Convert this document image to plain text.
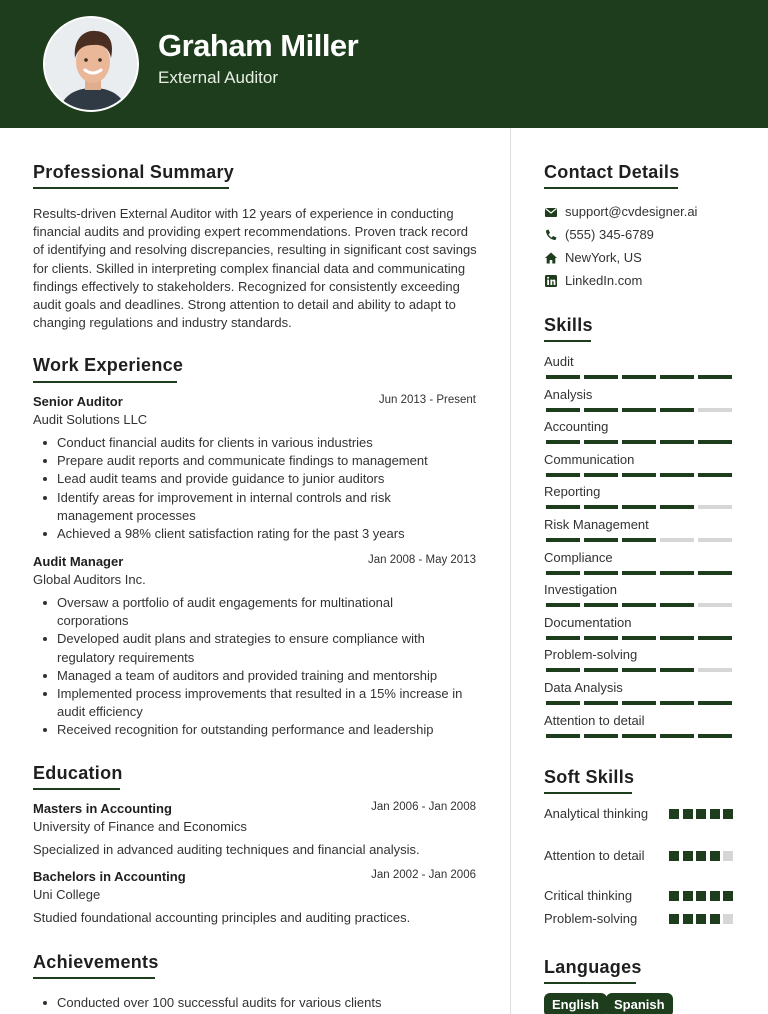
Graham Miller
External Auditor
Professional Summary
Results-driven External Auditor with 12 years of experience in conducting financial audits and providing expert recommendations. Proven track record of identifying and resolving discrepancies, resulting in significant cost savings for clients. Skilled in interpreting complex financial data and communicating findings effectively to stakeholders. Recognized for consistently exceeding audit goals and deadlines. Strong attention to detail and ability to adapt to changing regulations and industry standards.
Work Experience
Senior Auditor	Jun 2013 - Present
Audit Solutions LLC
Conduct financial audits for clients in various industries
Prepare audit reports and communicate findings to management
Lead audit teams and provide guidance to junior auditors
Identify areas for improvement in internal controls and risk management processes
Achieved a 98% client satisfaction rating for the past 3 years
Audit Manager	Jan 2008 - May 2013
Global Auditors Inc.
Oversaw a portfolio of audit engagements for multinational corporations
Developed audit plans and strategies to ensure compliance with regulatory requirements
Managed a team of auditors and provided training and mentorship
Implemented process improvements that resulted in a 15% increase in audit efficiency
Received recognition for outstanding performance and leadership
Education
Masters in Accounting	Jan 2006 - Jan 2008
University of Finance and Economics
Specialized in advanced auditing techniques and financial analysis.
Bachelors in Accounting	Jan 2002 - Jan 2006
Uni College
Studied foundational accounting principles and auditing practices.
Achievements
Conducted over 100 successful audits for various clients
Contact Details
support@cvdesigner.ai
(555) 345-6789
NewYork, US
LinkedIn.com
Skills
Audit
Analysis
Accounting
Communication
Reporting
Risk Management
Compliance
Investigation
Documentation
Problem-solving
Data Analysis
Attention to detail
Soft Skills
Analytical thinking
Attention to detail
Critical thinking
Problem-solving
Languages
English	Spanish
